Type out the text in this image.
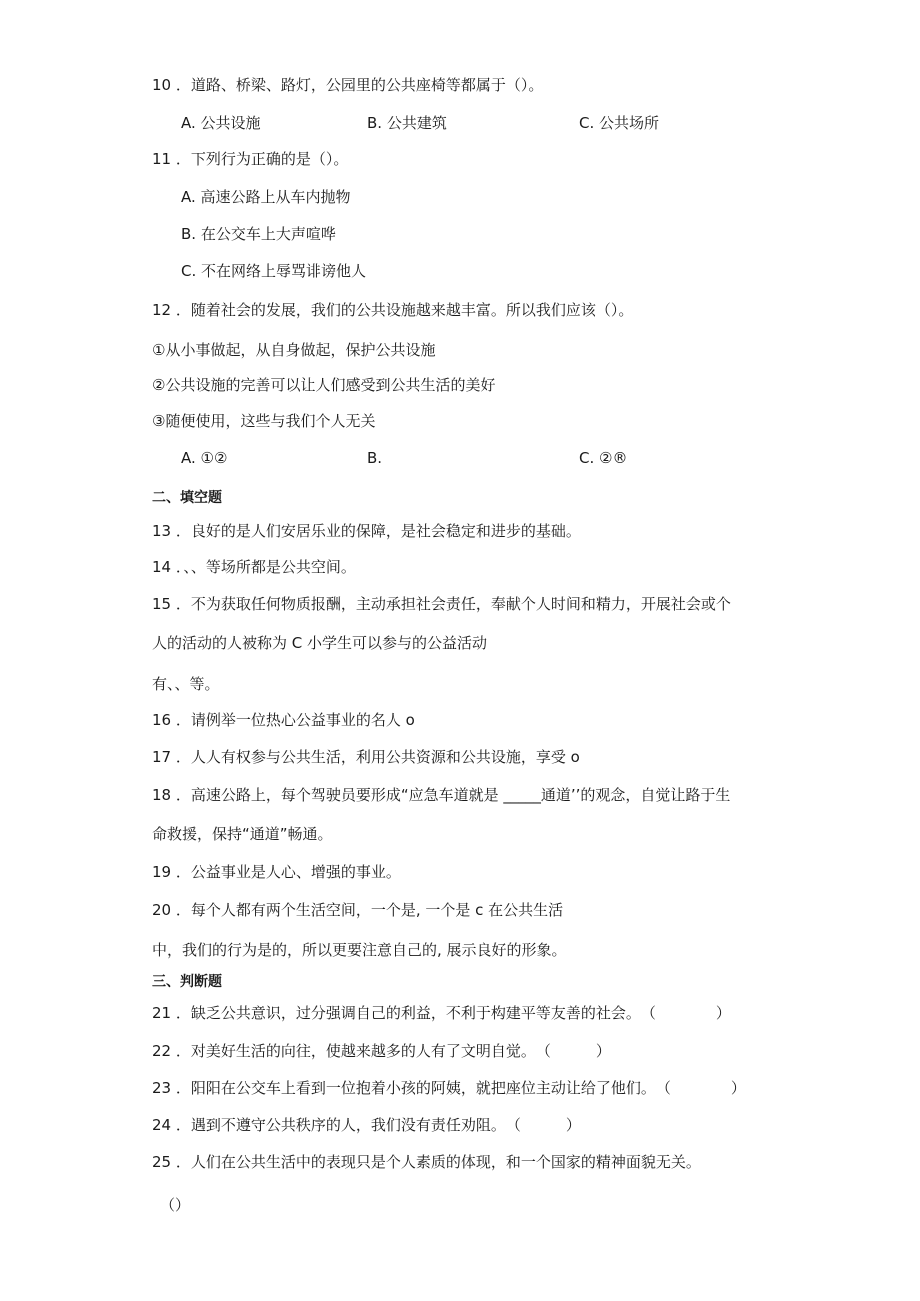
10 ．道路、桥梁、路灯，公园里的公共座椅等都属于（）。
A. 公共设施	B. 公共建筑	C. 公共场所
11 ．下列行为正确的是（）。
A. 高速公路上从车内抛物
B. 在公交车上大声喧哗
C. 不在网络上辱骂诽谤他人
12 ．随着社会的发展，我们的公共设施越来越丰富。所以我们应该（）。
①从小事做起，从自身做起，保护公共设施
②公共设施的完善可以让人们感受到公共生活的美好
③随便使用，这些与我们个人无关
A. ①②	B.	C. ②®
二、填空题
13 ．良好的是人们安居乐业的保障，是社会稳定和进步的基础。
14 ．、、等场所都是公共空间。
15 ．不为获取任何物质报酬，主动承担社会责任，奉献个人时间和精力，开展社会或个
人的活动的人被称为 C 小学生可以参与的公益活动
有、、等。
16 ．请例举一位热心公益事业的名人 o
17 ．人人有权参与公共生活，利用公共资源和公共设施，享受 o
18 ．高速公路上，每个驾驶员要形成“应急车道就是 _____通道’’的观念，自觉让路于生
命救援，保持“通道”畅通。
19 ．公益事业是人心、增强的事业。
20 ．每个人都有两个生活空间，一个是, 一个是 c 在公共生活
中，我们的行为是的，所以更要注意自己的, 展示良好的形象。
三、判断题
21 ．缺乏公共意识，过分强调自己的利益，不利于构建平等友善的社会。（　　　　）
22 ．对美好生活的向往，使越来越多的人有了文明自觉。（　　　）
23 ．阳阳在公交车上看到一位抱着小孩的阿姨，就把座位主动让给了他们。（　　　　）
24 ．遇到不遵守公共秩序的人，我们没有责任劝阻。（　　　）
25 ．人们在公共生活中的表现只是个人素质的体现，和一个国家的精神面貌无关。
（）
